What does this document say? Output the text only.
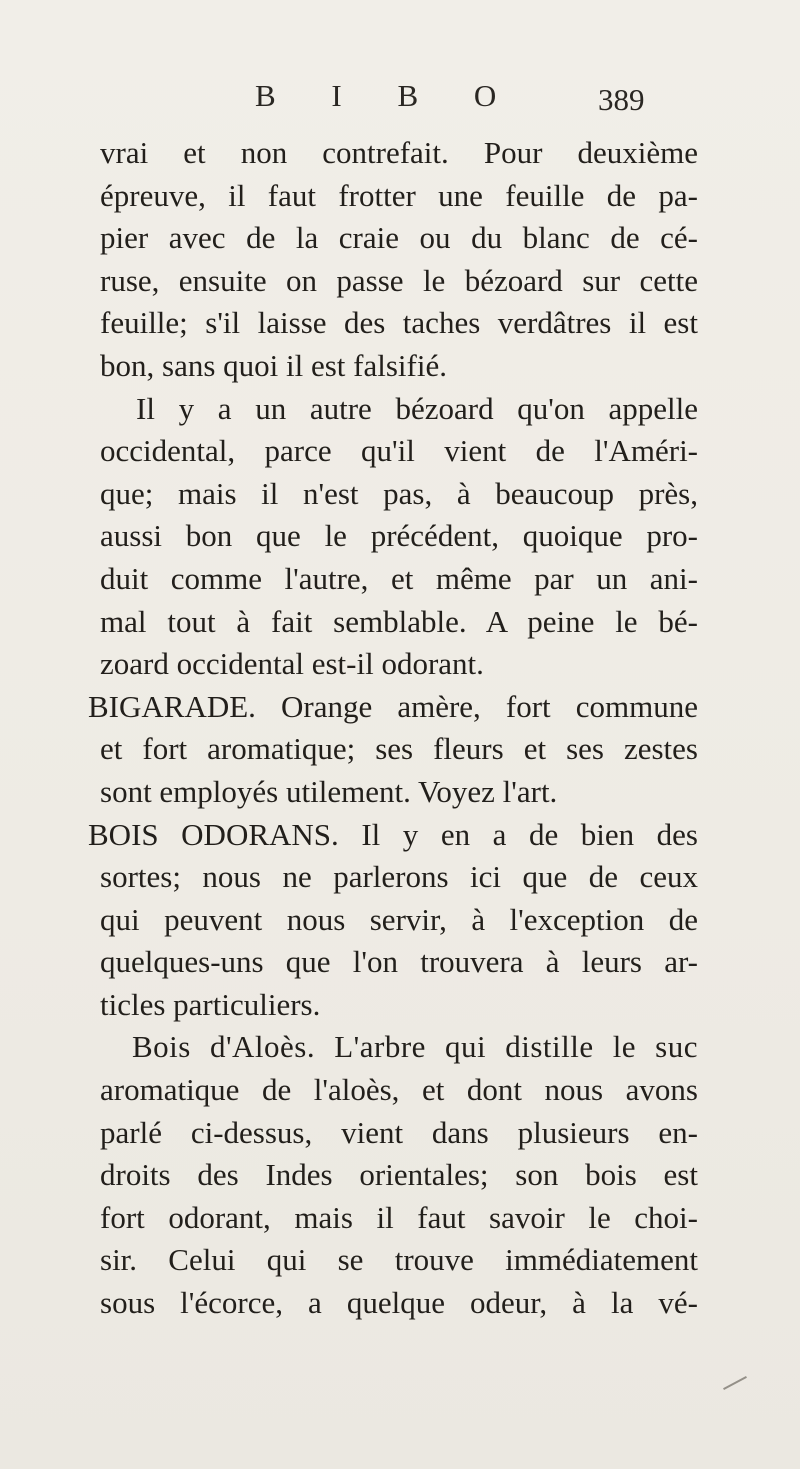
B I B O	389
vrai et non contrefait. Pour deuxième
épreuve, il faut frotter une feuille de pa-
pier avec de la craie ou du blanc de cé-
ruse, ensuite on passe le bézoard sur cette
feuille; s'il laisse des taches verdâtres il est
bon, sans quoi il est falsifié.
Il y a un autre bézoard qu'on appelle
occidental, parce qu'il vient de l'Améri-
que; mais il n'est pas, à beaucoup près,
aussi bon que le précédent, quoique pro-
duit comme l'autre, et même par un ani-
mal tout à fait semblable. A peine le bé-
zoard occidental est-il odorant.
BIGARADE. Orange amère, fort commune
et fort aromatique; ses fleurs et ses zestes
sont employés utilement. Voyez l'art.
BOIS ODORANS. Il y en a de bien des
sortes; nous ne parlerons ici que de ceux
qui peuvent nous servir, à l'exception de
quelques-uns que l'on trouvera à leurs ar-
ticles particuliers.
Bois d'Aloès. L'arbre qui distille le suc
aromatique de l'aloès, et dont nous avons
parlé ci-dessus, vient dans plusieurs en-
droits des Indes orientales; son bois est
fort odorant, mais il faut savoir le choi-
sir. Celui qui se trouve immédiatement
sous l'écorce, a quelque odeur, à la vé-
